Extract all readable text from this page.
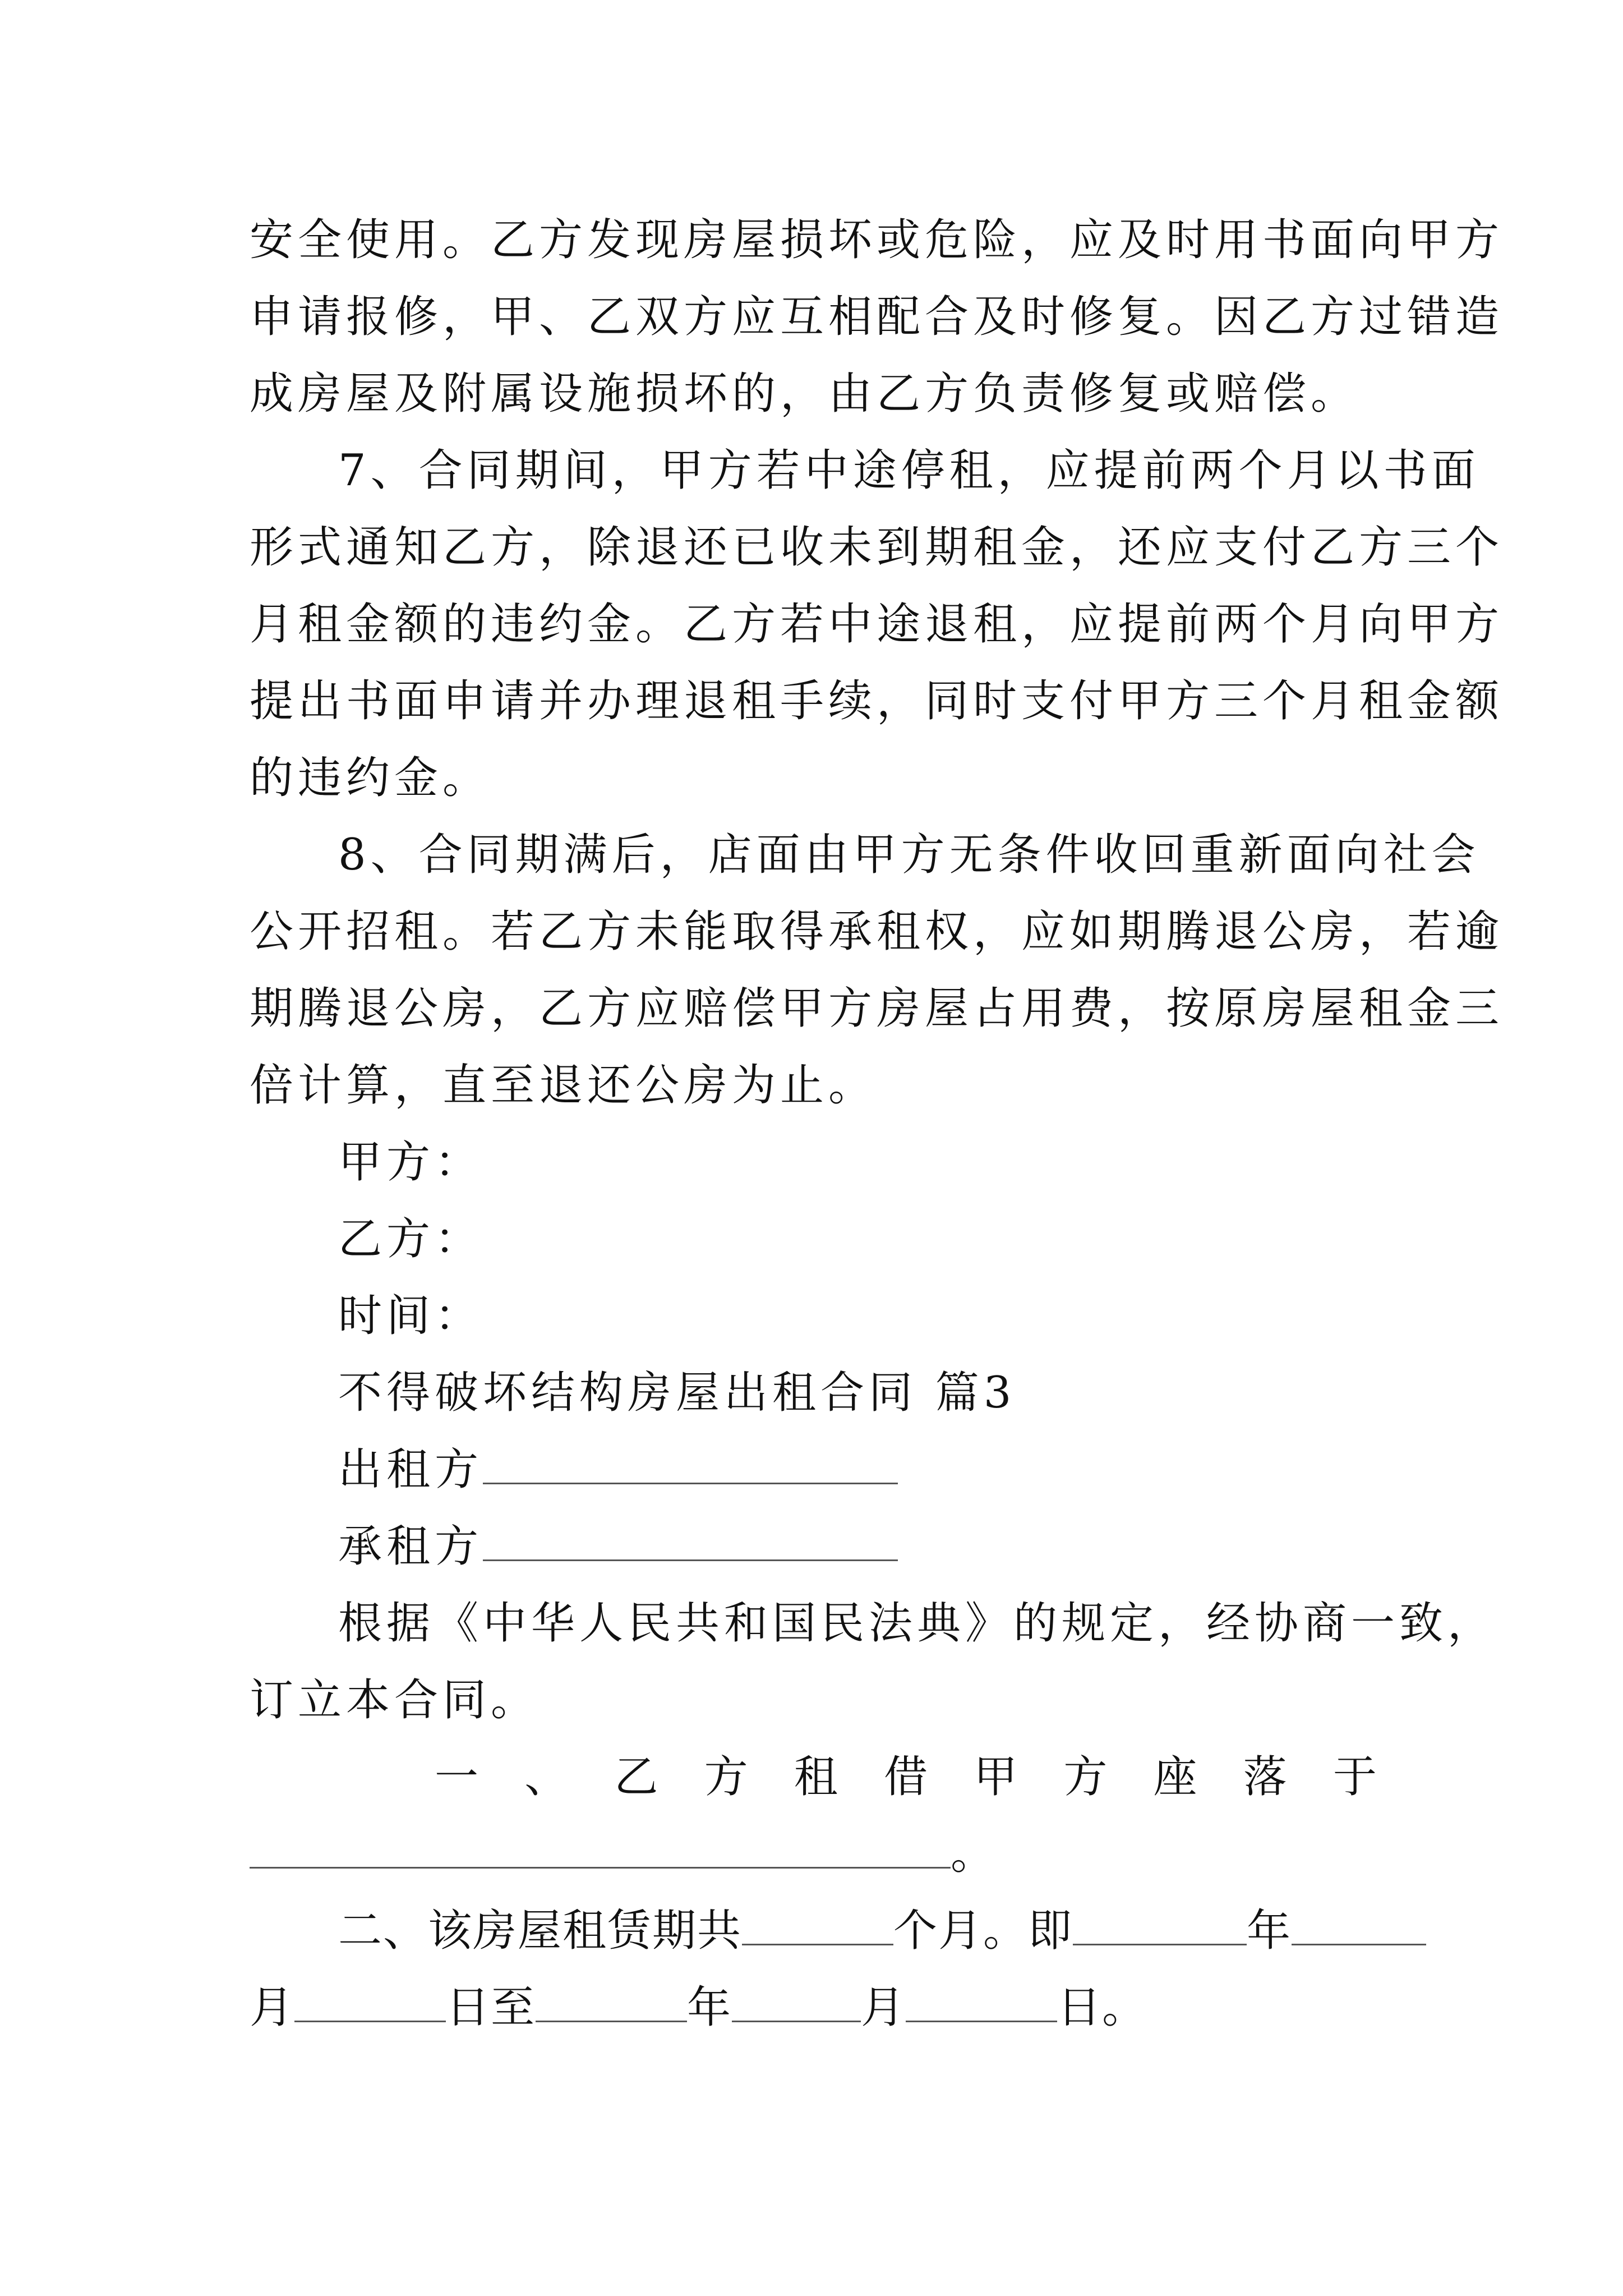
安全使用。乙方发现房屋损坏或危险，应及时用书面向甲方
申请报修，甲、乙双方应互相配合及时修复。因乙方过错造
成房屋及附属设施损坏的，由乙方负责修复或赔偿。
7、合同期间，甲方若中途停租，应提前两个月以书面
形式通知乙方，除退还已收未到期租金，还应支付乙方三个
月租金额的违约金。乙方若中途退租，应提前两个月向甲方
提出书面申请并办理退租手续，同时支付甲方三个月租金额
的违约金。
8、合同期满后，店面由甲方无条件收回重新面向社会
公开招租。若乙方未能取得承租权，应如期腾退公房，若逾
期腾退公房，乙方应赔偿甲方房屋占用费，按原房屋租金三
倍计算，直至退还公房为止。
甲方：
乙方：
时间：
不得破坏结构房屋出租合同 篇3
出租方
承租方
根据《中华人民共和国民法典》的规定，经协商一致，
订立本合同。
一 、 乙 方 租 借 甲 方 座 落 于
。
二、该房屋租赁期共	个月。即	年
月	日至	年	月	日。
